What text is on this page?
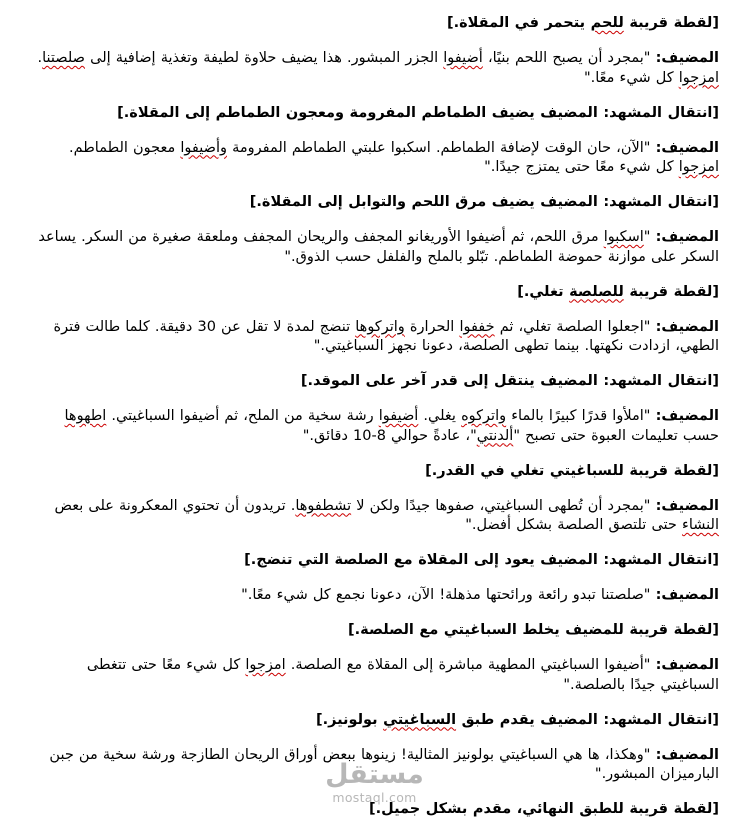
[لقطة قريبة للحم يتحمر في المقلاة.]

المضيف: "بمجرد أن يصبح اللحم بنيًا، أضيفوا الجزر المبشور. هذا يضيف حلاوة لطيفة وتغذية إضافية إلى صلصتنا. امزجوا كل شيء معًا."

[انتقال المشهد: المضيف يضيف الطماطم المفرومة ومعجون الطماطم إلى المقلاة.]

المضيف: "الآن، حان الوقت لإضافة الطماطم. اسكبوا علبتي الطماطم المفرومة وأضيفوا معجون الطماطم. امزجوا كل شيء معًا حتى يمتزج جيدًا."

[انتقال المشهد: المضيف يضيف مرق اللحم والتوابل إلى المقلاة.]

المضيف: "اسكبوا مرق اللحم، ثم أضيفوا الأوريغانو المجفف والريحان المجفف وملعقة صغيرة من السكر. يساعد السكر على موازنة حموضة الطماطم. تبّلو بالملح والفلفل حسب الذوق."

[لقطة قريبة للصلصة تغلي.]

المضيف: "اجعلوا الصلصة تغلي، ثم خففوا الحرارة واتركوها تنضج لمدة لا تقل عن 30 دقيقة. كلما طالت فترة الطهي، ازدادت نكهتها. بينما تطهى الصلصة، دعونا نجهز السباغيتي."

[انتقال المشهد: المضيف ينتقل إلى قدر آخر على الموقد.]

المضيف: "املأوا قدرًا كبيرًا بالماء واتركوه يغلي. أضيفوا رشة سخية من الملح، ثم أضيفوا السباغيتي. اطهوها حسب تعليمات العبوة حتى تصبح "ألدنتي"، عادةً حوالي 8-10 دقائق."

[لقطة قريبة للسباغيتي تغلي في القدر.]

المضيف: "بمجرد أن تُطهى السباغيتي، صفوها جيدًا ولكن لا تشطفوها. تريدون أن تحتوي المعكرونة على بعض النشاء حتى تلتصق الصلصة بشكل أفضل."

[انتقال المشهد: المضيف يعود إلى المقلاة مع الصلصة التي تنضج.]

المضيف: "صلصتنا تبدو رائعة ورائحتها مذهلة! الآن، دعونا نجمع كل شيء معًا."

[لقطة قريبة للمضيف يخلط السباغيتي مع الصلصة.]

المضيف: "أضيفوا السباغيتي المطهية مباشرة إلى المقلاة مع الصلصة. امزجوا كل شيء معًا حتى تتغطى السباغيتي جيدًا بالصلصة."

[انتقال المشهد: المضيف يقدم طبق السباغيتي بولونيز.]

المضيف: "وهكذا، ها هي السباغيتي بولونيز المثالية! زينوها ببعض أوراق الريحان الطازجة ورشة سخية من جبن البارميزان المبشور."

[لقطة قريبة للطبق النهائي، مقدم بشكل جميل.]

مستقل
mostaql.com
